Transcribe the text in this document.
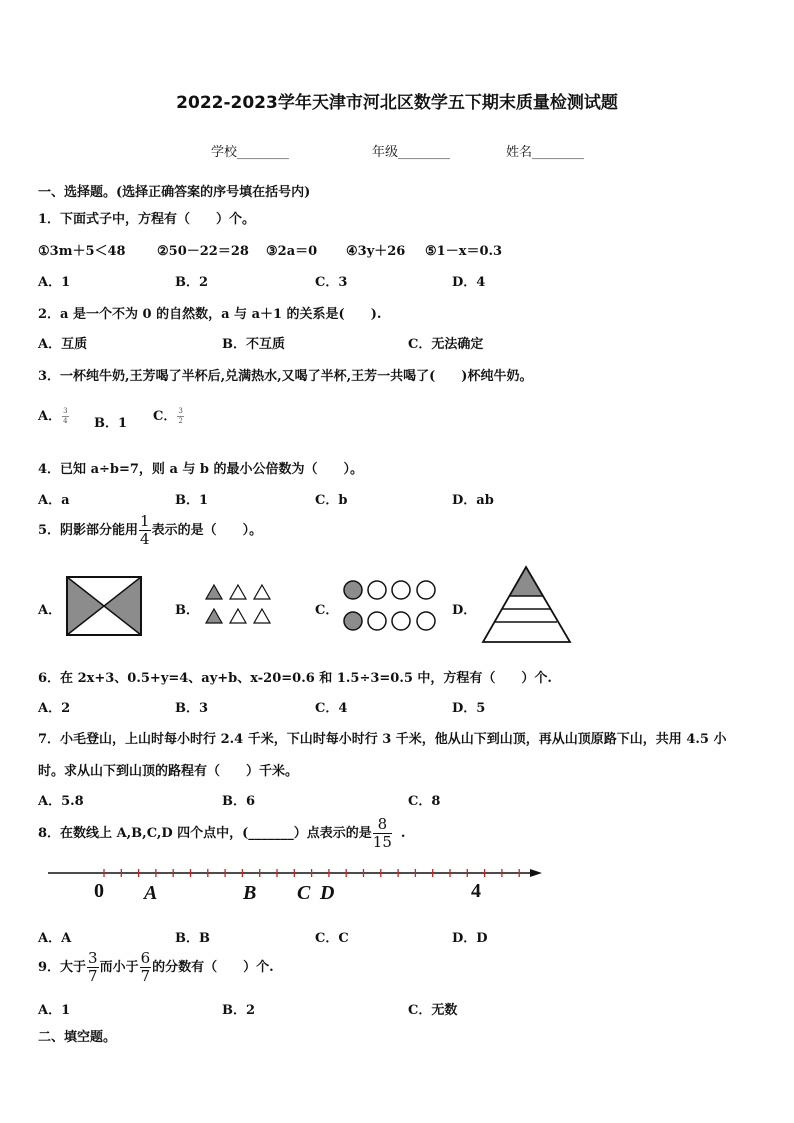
2022-2023学年天津市河北区数学五下期末质量检测试题
学校________	年级________	姓名________
一、选择题。(选择正确答案的序号填在括号内)
1．下面式子中，方程有（　　）个。
①3m＋5＜48 ②50－22＝28 ③2a＝0 ④3y＋26 ⑤1－x＝0.3
A．1	B．2	C．3	D．4
2．a 是一个不为 0 的自然数，a 与 a＋1 的关系是(　　).
A．互质	B．不互质	C．无法确定
3．一杯纯牛奶,王芳喝了半杯后,兑满热水,又喝了半杯,王芳一共喝了(　　)杯纯牛奶。
A． $\frac{3}{4}$ B．1 C． $\frac{3}{2}$
4．已知 a÷b=7，则 a 与 b 的最小公倍数为（　　）。
A．a	B．1	C．b	D．ab
5．阴影部分能用 $\frac{1}{4}$ 表示的是（　　）。
A．	B．	C．	D．
6．在 2x+3、0.5+y=4、ay+b、x-20=0.6 和 1.5÷3=0.5 中，方程有（　　）个.
A．2	B．3	C．4	D．5
7．小毛登山，上山时每小时行 2.4 千米，下山时每小时行 3 千米，他从山下到山顶，再从山顶原路下山，共用 4.5 小
时。求从山下到山顶的路程有（　　）千米。
A．5.8	B．6	C．8
8．在数线上 A,B,C,D 四个点中，(_______）点表示的是 $\frac{8}{15}$ .
0 A	B C D	4
A．A	B．B	C．C	D．D
9．大于 $\frac{3}{7}$ 而小于 $\frac{6}{7}$ 的分数有（　　）个.
A．1	B．2	C．无数
二、填空题。
